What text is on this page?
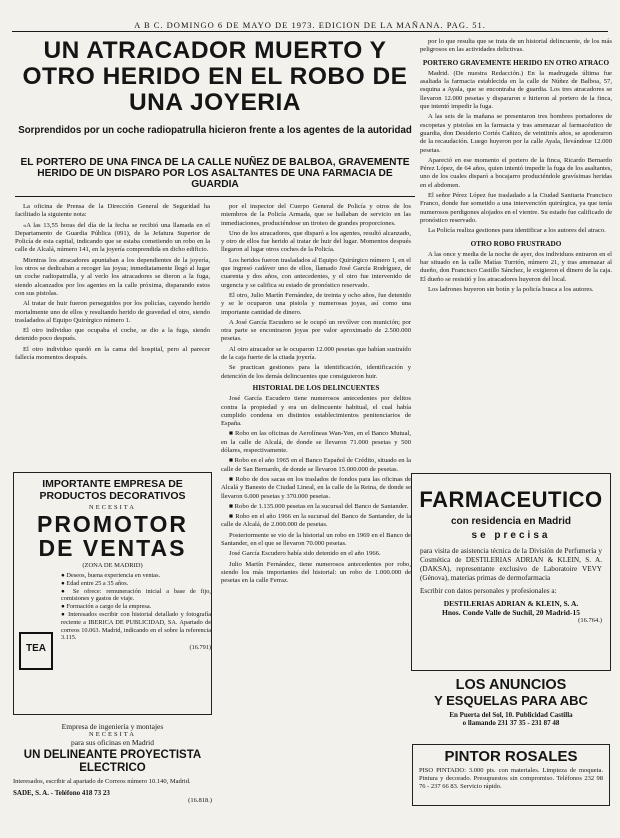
A B C. DOMINGO 6 DE MAYO DE 1973. EDICION DE LA MAÑANA. PAG. 51.
UN ATRACADOR MUERTO Y OTRO HERIDO EN EL ROBO DE UNA JOYERIA
Sorprendidos por un coche radiopatrulla hicieron frente a los agentes de la autoridad
EL PORTERO DE UNA FINCA DE LA CALLE NUÑEZ DE BALBOA, GRAVEMENTE HERIDO DE UN DISPARO POR LOS ASALTANTES DE UNA FARMACIA DE GUARDIA

La oficina de Prensa de la Dirección General de Seguridad ha facilitado la siguiente nota:

«A las 13,55 horas del día de la fecha se recibió una llamada en el Departamento de Guardia Pública (091), de la Jefatura Superior de Policía de esta capital, indicando que se estaba cometiendo un robo en la calle de Alcalá, número 141, en la joyería comprendida en dicho edificio.

Mientras los atracadores apuntaban a los dependientes de la joyería, los otros se dedicaban a recoger las joyas; inmediatamente llegó al lugar un coche radiopatrulla, y al verlo los atracadores se dieron a la fuga, siendo alcanzados por los agentes en la calle próxima, disparando estos con sus pistolas.

Al tratar de huir fueron perseguidos por los policías, cayendo herido mortalmente uno de ellos y resultando herido de gravedad el otro, siendo trasladados al Equipo Quirúrgico número 1.

El otro individuo que ocupaba el coche, se dio a la fuga, siendo detenido poco después.

El otro individuo quedó en la cama del hospital, pero al parecer fallecía momentos después.

por el inspector del Cuerpo General de Policía y otros de los miembros de la Policía Armada, que se hallaban de servicio en las inmediaciones, produciéndose un tiroteo de grandes proporciones.

Uno de los atracadores, que disparó a los agentes, resultó alcanzado, y otro de ellos fue herido al tratar de huir del lugar. Momentos después llegaron al lugar otros coches de la Policía.

Los heridos fueron trasladados al Equipo Quirúrgico número 1, en el que ingresó cadáver uno de ellos, llamado José García Rodríguez, de cuarenta y dos años, con antecedentes, y el otro fue intervenido de urgencia y se califica su estado de pronóstico reservado.

El otro, Julio Martín Fernández, de treinta y ocho años, fue detenido y se le ocuparon una pistola y numerosas joyas, así como una importante cantidad de dinero.

A José García Escudero se le ocupó un revólver con munición; por otra parte se encontraron joyas por valor aproximado de 2.500.000 pesetas.

Al otro atracador se le ocuparon 12.000 pesetas que habían sustraído de la caja fuerte de la citada joyería.

Se practican gestiones para la identificación, identificación y detención de los demás delincuentes que consiguieron huir.

HISTORIAL DE LOS DELINCUENTES

José García Escudero tiene numerosos antecedentes por delitos contra la propiedad y era un delincuente habitual, el cual había cumplido condena en distintos establecimientos penitenciarios de España.

■ Robo en las oficinas de Aerolíneas Wan-Yen, en el Banco Mutual, en la calle de Alcalá, de donde se llevaron 71.000 pesetas y 500 dólares, respectivamente.

■ Robo en el año 1965 en el Banco Español de Crédito, situado en la calle de San Bernardo, de donde se llevaron 15.000.000 de pesetas.

■ Robo de dos sacas en los traslados de fondos para las oficinas de Alcalá y Banesto de Ciudad Lineal, en la calle de la Reina, de donde se llevaron 6.000 pesetas y 370.000 pesetas.

■ Robo de 1.135.000 pesetas en la sucursal del Banco de Santander.

■ Robo en el año 1966 en la sucursal del Banco de Santander, de la calle de Alcalá, de 2.000.000 de pesetas.

Posteriormente se vio de la historial un robo en 1969 en el Banco de Santander, en el que se llevaron 70.000 pesetas.

José García Escudero había sido detenido en el año 1966.

Julio Martín Fernández, tiene numerosos antecedentes por robo, siendo los más importantes del historial: un robo de 1.000.000 de pesetas en la calle Ferraz.

IMPORTANTE EMPRESA DE PRODUCTOS DECORATIVOS
NECESITA
PROMOTOR
DE VENTAS
(ZONA DE MADRID)
TEA
● Deseos, buena experiencia en ventas.
● Edad entre 25 a 35 años.
● Se ofrece: remuneración inicial a base de fijo, comisiones y gastos de viaje.
● Formación a cargo de la empresa.
● Interesados escribir con historial detallado y fotografía reciente a IBERICA DE PUBLICIDAD, SA. Apartado de correos 10.063. Madrid, indicando en el sobre la referencia 3.115.
(16.791)
Empresa de ingeniería y montajes
NECESITA
para sus oficinas en Madrid
UN DELINEANTE PROYECTISTA ELECTRICO
Interesados, escribir al apartado de Correos número 10.140, Madrid.
SADE, S. A. - Teléfono 418 73 23
(16.818.)

por lo que resulta que se trata de un historial delincuente, de los más peligrosos en las actividades delictivas.

PORTERO GRAVEMENTE HERIDO EN OTRO ATRACO

Madrid. (De nuestra Redacción.) En la madrugada última fue asaltada la farmacia establecida en la calle de Núñez de Balboa, 57, esquina a Ayala, que se encontraba de guardia. Los tres atracadores se llevaron 12.000 pesetas y dispararon e hirieron al portero de la finca, que intentó impedir la fuga.

A las seis de la mañana se presentaron tres hombres portadores de escopetas y pistolas en la farmacia y tras amenazar al farmacéutico de guardia, don Desiderio Cortés Cañizo, de veintitrés años, se apoderaron de la recaudación. Luego huyeron por la calle Ayala, llevándose 12.000 pesetas.

Apareció en ese momento el portero de la finca, Ricardo Bernardo Pérez López, de 64 años, quien intentó impedir la fuga de los asaltantes, uno de los cuales disparó a bocajarro produciéndole gravísimas heridas en el abdomen.

El señor Pérez López fue trasladado a la Ciudad Sanitaria Francisco Franco, donde fue sometido a una intervención quirúrgica, ya que tenía numerosos perdigones alojados en el vientre. Su estado fue calificado de pronóstico reservado.

La Policía realiza gestiones para identificar a los autores del atraco.

OTRO ROBO FRUSTRADO

A las once y media de la noche de ayer, dos individuos entraron en el bar situado en la calle Matías Turrión, número 21, y tras amenazar al dueño, don Francisco Castillo Sánchez, le exigieron el dinero de la caja. El dueño se resistió y los atracadores huyeron del local.

Los ladrones huyeron sin botín y la policía busca a los autores.

FARMACEUTICO
con residencia en Madrid
se precisa
para visita de asistencia técnica de la División de Perfumería y Cosmética de DESTILERIAS ADRIAN & KLEIN, S. A. (DAKSA), representante exclusivo de Laboratoire VEVY (Génova), materias primas de dermofarmacia
Escribir con datos personales y profesionales a:
DESTILERIAS ADRIAN & KLEIN, S. A.
Hnos. Conde Valle de Suchil, 20 Madrid-15
(16.764.)
LOS ANUNCIOS
Y ESQUELAS PARA ABC
En Puerta del Sol, 10. Publicidad Castilla
o llamando 231 37 35 - 231 87 48
PINTOR ROSALES
PISO PINTADO: 3.000 pts. con materiales. Limpieza de moqueta. Pintura y decorado. Presupuestos sin compromiso. Teléfonos 232 98 76 - 237 66 83. Servicio rápido.
